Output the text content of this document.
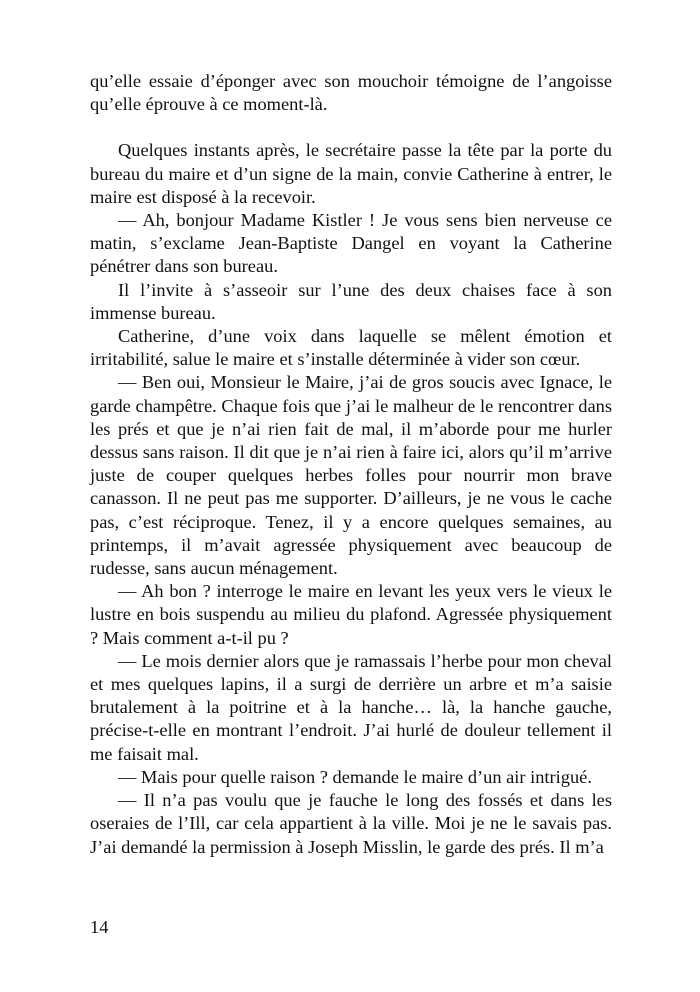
qu’elle essaie d’éponger avec son mouchoir témoigne de l’angoisse qu’elle éprouve à ce moment-là.

Quelques instants après, le secrétaire passe la tête par la porte du bureau du maire et d’un signe de la main, convie Catherine à entrer, le maire est disposé à la recevoir.

— Ah, bonjour Madame Kistler ! Je vous sens bien nerveuse ce matin, s’exclame Jean-Baptiste Dangel en voyant la Catherine pénétrer dans son bureau.

Il l’invite à s’asseoir sur l’une des deux chaises face à son immense bureau.

Catherine, d’une voix dans laquelle se mêlent émotion et irritabilité, salue le maire et s’installe déterminée à vider son cœur.

— Ben oui, Monsieur le Maire, j’ai de gros soucis avec Ignace, le garde champêtre. Chaque fois que j’ai le malheur de le rencontrer dans les prés et que je n’ai rien fait de mal, il m’aborde pour me hurler dessus sans raison. Il dit que je n’ai rien à faire ici, alors qu’il m’arrive juste de couper quelques herbes folles pour nourrir mon brave canasson. Il ne peut pas me supporter. D’ailleurs, je ne vous le cache pas, c’est réciproque. Tenez, il y a encore quelques semaines, au printemps, il m’avait agressée physiquement avec beaucoup de rudesse, sans aucun ménagement.

— Ah bon ? interroge le maire en levant les yeux vers le vieux le lustre en bois suspendu au milieu du plafond. Agressée physiquement ? Mais comment a-t-il pu ?

— Le mois dernier alors que je ramassais l’herbe pour mon cheval et mes quelques lapins, il a surgi de derrière un arbre et m’a saisie brutalement à la poitrine et à la hanche… là, la hanche gauche, précise-t-elle en montrant l’endroit. J’ai hurlé de douleur tellement il me faisait mal.

— Mais pour quelle raison ? demande le maire d’un air intrigué.

— Il n’a pas voulu que je fauche le long des fossés et dans les oseraies de l’Ill, car cela appartient à la ville. Moi je ne le savais pas. J’ai demandé la permission à Joseph Misslin, le garde des prés. Il m’a

14
